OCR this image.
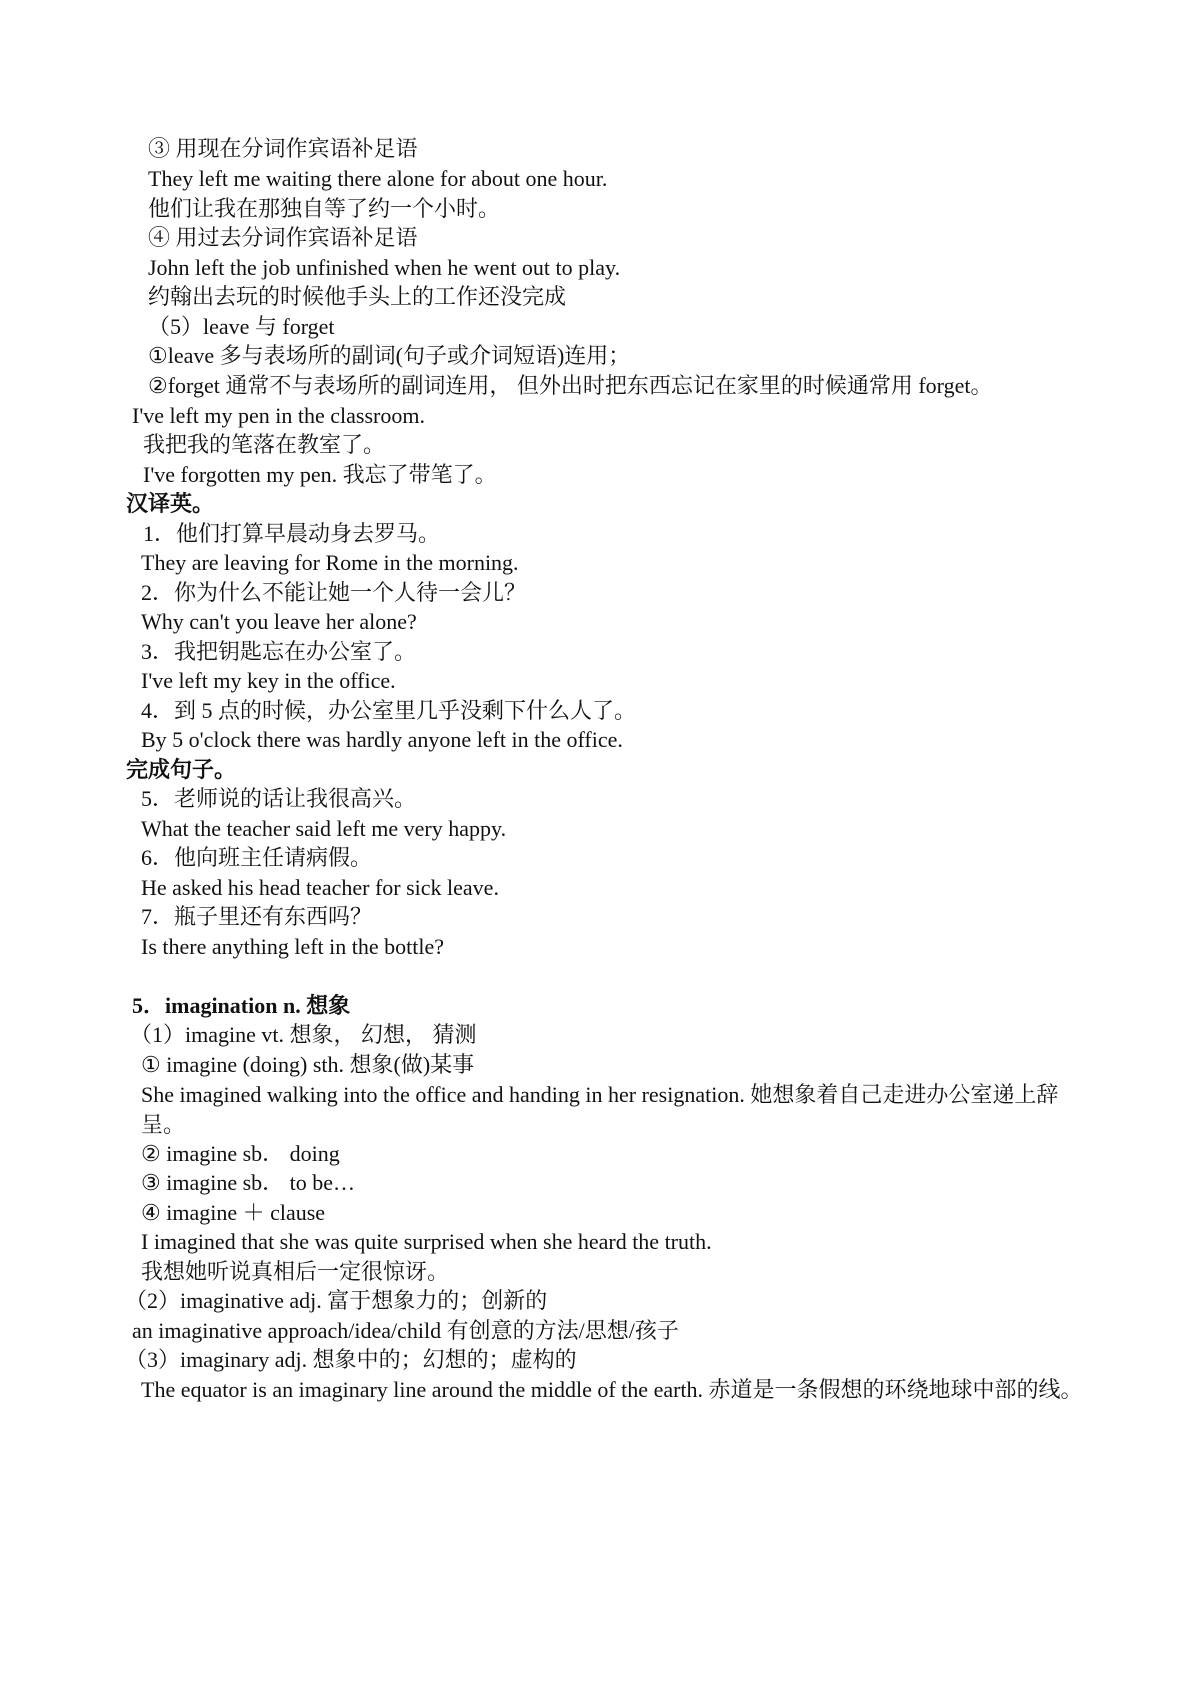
③ 用现在分词作宾语补足语
They left me waiting there alone for about one hour.
他们让我在那独自等了约一个小时。
④ 用过去分词作宾语补足语
John left the job unfinished when he went out to play.
约翰出去玩的时候他手头上的工作还没完成
（5）leave 与 forget
①leave 多与表场所的副词(句子或介词短语)连用；
②forget 通常不与表场所的副词连用， 但外出时把东西忘记在家里的时候通常用 forget。
I've left my pen in the classroom.
我把我的笔落在教室了。
I've forgotten my pen. 我忘了带笔了。
汉译英。
1．他们打算早晨动身去罗马。
They are leaving for Rome in the morning.
2．你为什么不能让她一个人待一会儿？
Why can't you leave her alone?
3．我把钥匙忘在办公室了。
I've left my key in the office.
4．到 5 点的时候，办公室里几乎没剩下什么人了。
By 5 o'clock there was hardly anyone left in the office.
完成句子。
5．老师说的话让我很高兴。
What the teacher said left me very happy.
6．他向班主任请病假。
He asked his head teacher for sick leave.
7．瓶子里还有东西吗？
Is there anything left in the bottle?
5．imagination n. 想象
（1）imagine vt. 想象， 幻想， 猜测
① imagine (doing) sth. 想象(做)某事
She imagined walking into the office and handing in her resignation. 她想象着自己走进办公室递上辞呈。
② imagine sb． doing
③ imagine sb． to be…
④ imagine ＋ clause
I imagined that she was quite surprised when she heard the truth.
我想她听说真相后一定很惊讶。
（2）imaginative adj. 富于想象力的；创新的
an imaginative approach/idea/child 有创意的方法/思想/孩子
（3）imaginary adj. 想象中的；幻想的；虚构的
The equator is an imaginary line around the middle of the earth. 赤道是一条假想的环绕地球中部的线。
